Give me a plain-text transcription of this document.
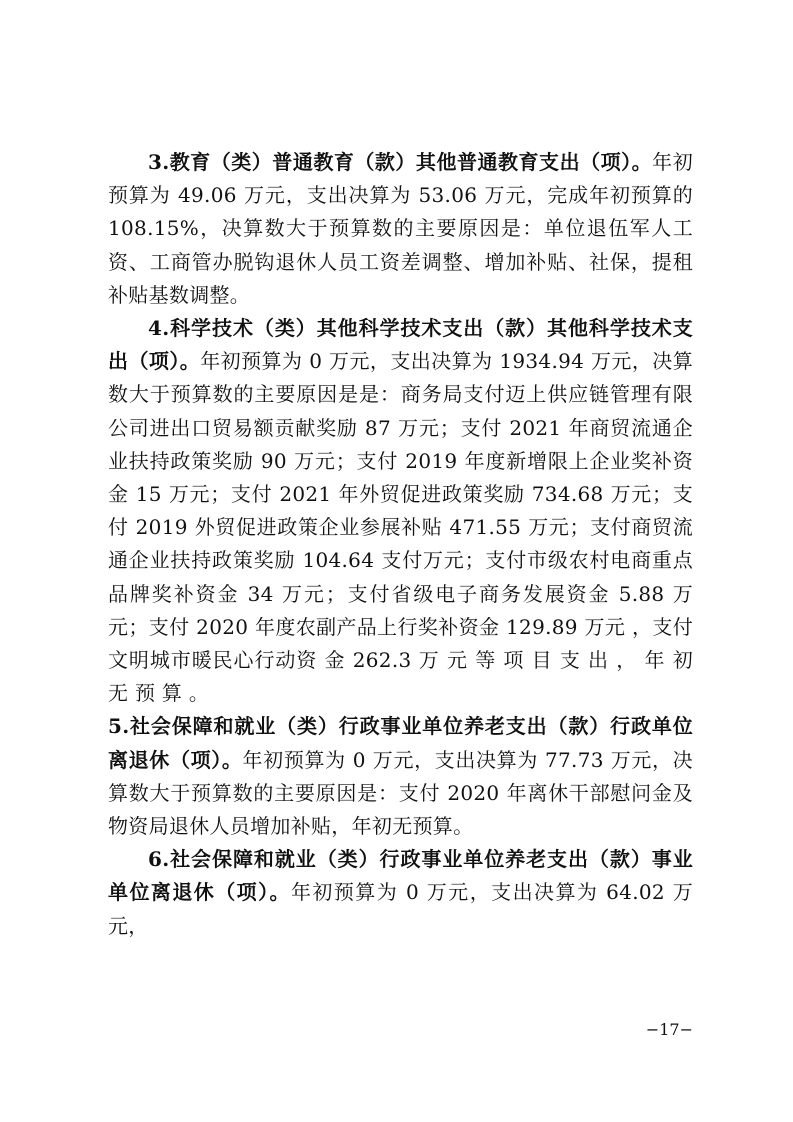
3.教育（类）普通教育（款）其他普通教育支出（项）。年初预算为 49.06 万元，支出决算为 53.06 万元，完成年初预算的108.15%，决算数大于预算数的主要原因是：单位退伍军人工资、工商管办脱钩退休人员工资差调整、增加补贴、社保，提租补贴基数调整。

4.科学技术（类）其他科学技术支出（款）其他科学技术支出（项）。年初预算为 0 万元，支出决算为 1934.94 万元，决算数大于预算数的主要原因是是：商务局支付迈上供应链管理有限公司进出口贸易额贡献奖励 87 万元；支付 2021 年商贸流通企业扶持政策奖励 90 万元；支付 2019 年度新增限上企业奖补资金 15 万元；支付 2021 年外贸促进政策奖励 734.68 万元；支付 2019 外贸促进政策企业参展补贴 471.55 万元；支付商贸流通企业扶持政策奖励 104.64 支付万元；支付市级农村电商重点品牌奖补资金 34 万元；支付省级电子商务发展资金 5.88 万元；支付 2020 年度农副产品上行奖补资金 129.89 万元 ，支付文明城市暖民心行动资 金 262.3 万 元 等 项 目 支 出 ， 年 初 无 预 算 。

5.社会保障和就业（类）行政事业单位养老支出（款）行政单位离退休（项）。年初预算为 0 万元，支出决算为 77.73 万元，决算数大于预算数的主要原因是：支付 2020 年离休干部慰问金及物资局退休人员增加补贴，年初无预算。

6.社会保障和就业（类）行政事业单位养老支出（款）事业单位离退休（项）。年初预算为 0 万元，支出决算为 64.02 万元，

−17−
